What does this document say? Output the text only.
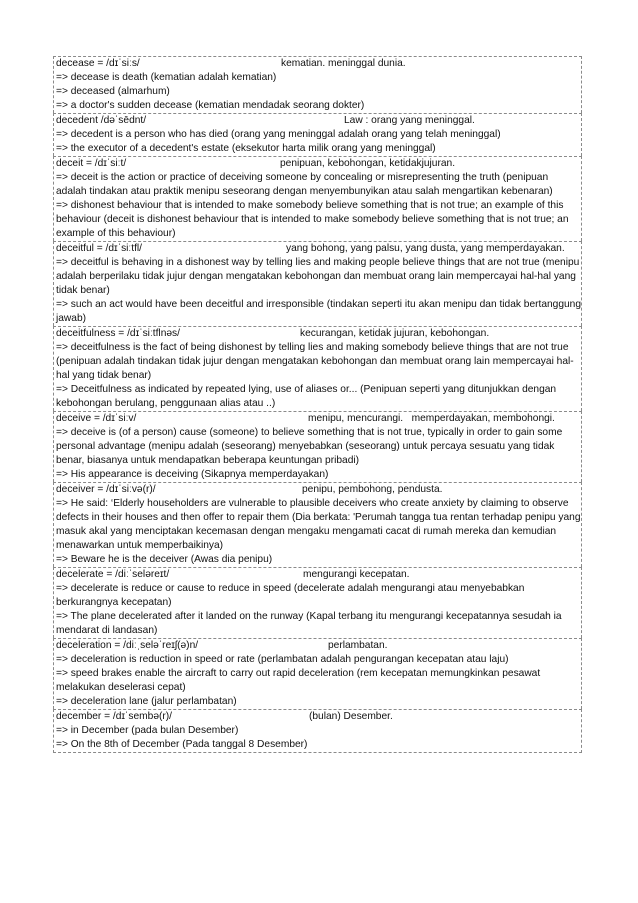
decease = /dɪˈsiːs/	kematian. meninggal dunia.
=> decease is death (kematian adalah kematian)
=> deceased (almarhum)
=> a doctor's sudden decease (kematian mendadak seorang dokter)
decedent /dəˈsēdnt/	Law : orang yang meninggal.
=> decedent is a person who has died (orang yang meninggal adalah orang yang telah meninggal)
=> the executor of a decedent's estate (eksekutor harta milik orang yang meninggal)
deceit = /dɪˈsiːt/	penipuan, kebohongan, ketidakjujuran.
=> deceit is the action or practice of deceiving someone by concealing or misrepresenting the truth (penipuan adalah tindakan atau praktik menipu seseorang dengan menyembunyikan atau salah mengartikan kebenaran)
=> dishonest behaviour that is intended to make somebody believe something that is not true; an example of this behaviour (deceit is dishonest behaviour that is intended to make somebody believe something that is not true; an example of this behaviour)
deceitful = /dɪˈsiːtfl/	yang bohong, yang palsu, yang dusta, yang memperdayakan.
=> deceitful is behaving in a dishonest way by telling lies and making people believe things that are not true (menipu adalah berperilaku tidak jujur dengan mengatakan kebohongan dan membuat orang lain mempercayai hal-hal yang tidak benar)
=> such an act would have been deceitful and irresponsible (tindakan seperti itu akan menipu dan tidak bertanggung jawab)
deceitfulness = /dɪˈsiːtflnəs/	kecurangan, ketidak jujuran, kebohongan.
=> deceitfulness is the fact of being dishonest by telling lies and making somebody believe things that are not true (penipuan adalah tindakan tidak jujur dengan mengatakan kebohongan dan membuat orang lain mempercayai hal-hal yang tidak benar)
=> Deceitfulness as indicated by repeated lying, use of aliases or... (Penipuan seperti yang ditunjukkan dengan kebohongan berulang, penggunaan alias atau ..)
deceive = /dɪˈsiːv/	menipu, mencurangi.   memperdayakan, membohongi.
=> deceive is (of a person) cause (someone) to believe something that is not true, typically in order to gain some personal advantage (menipu adalah (seseorang) menyebabkan (seseorang) untuk percaya sesuatu yang tidak benar, biasanya untuk mendapatkan beberapa keuntungan pribadi)
=> His appearance is deceiving (Sikapnya memperdayakan)
deceiver = /dɪˈsiːvə(r)/	penipu, pembohong, pendusta.
=> He said: ‘Elderly householders are vulnerable to plausible deceivers who create anxiety by claiming to observe defects in their houses and then offer to repair them (Dia berkata: 'Perumah tangga tua rentan terhadap penipu yang masuk akal yang menciptakan kecemasan dengan mengaku mengamati cacat di rumah mereka dan kemudian menawarkan untuk memperbaikinya)
=> Beware he is the deceiver (Awas dia penipu)
decelerate = /diːˈseləreɪt/	mengurangi kecepatan.
=> decelerate is reduce or cause to reduce in speed (decelerate adalah mengurangi atau menyebabkan berkurangnya kecepatan)
=> The plane decelerated after it landed on the runway (Kapal terbang itu mengurangi kecepatannya sesudah ia mendarat di landasan)
deceleration = /diːˌseləˈreɪʃ(ə)n/	perlambatan.
=> deceleration is reduction in speed or rate (perlambatan adalah pengurangan kecepatan atau laju)
=> speed brakes enable the aircraft to carry out rapid deceleration (rem kecepatan memungkinkan pesawat melakukan deselerasi cepat)
=> deceleration lane (jalur perlambatan)
december = /dɪˈsembə(r)/	(bulan) Desember.
=> in December (pada bulan Desember)
=> On the 8th of December (Pada tanggal 8 Desember)
